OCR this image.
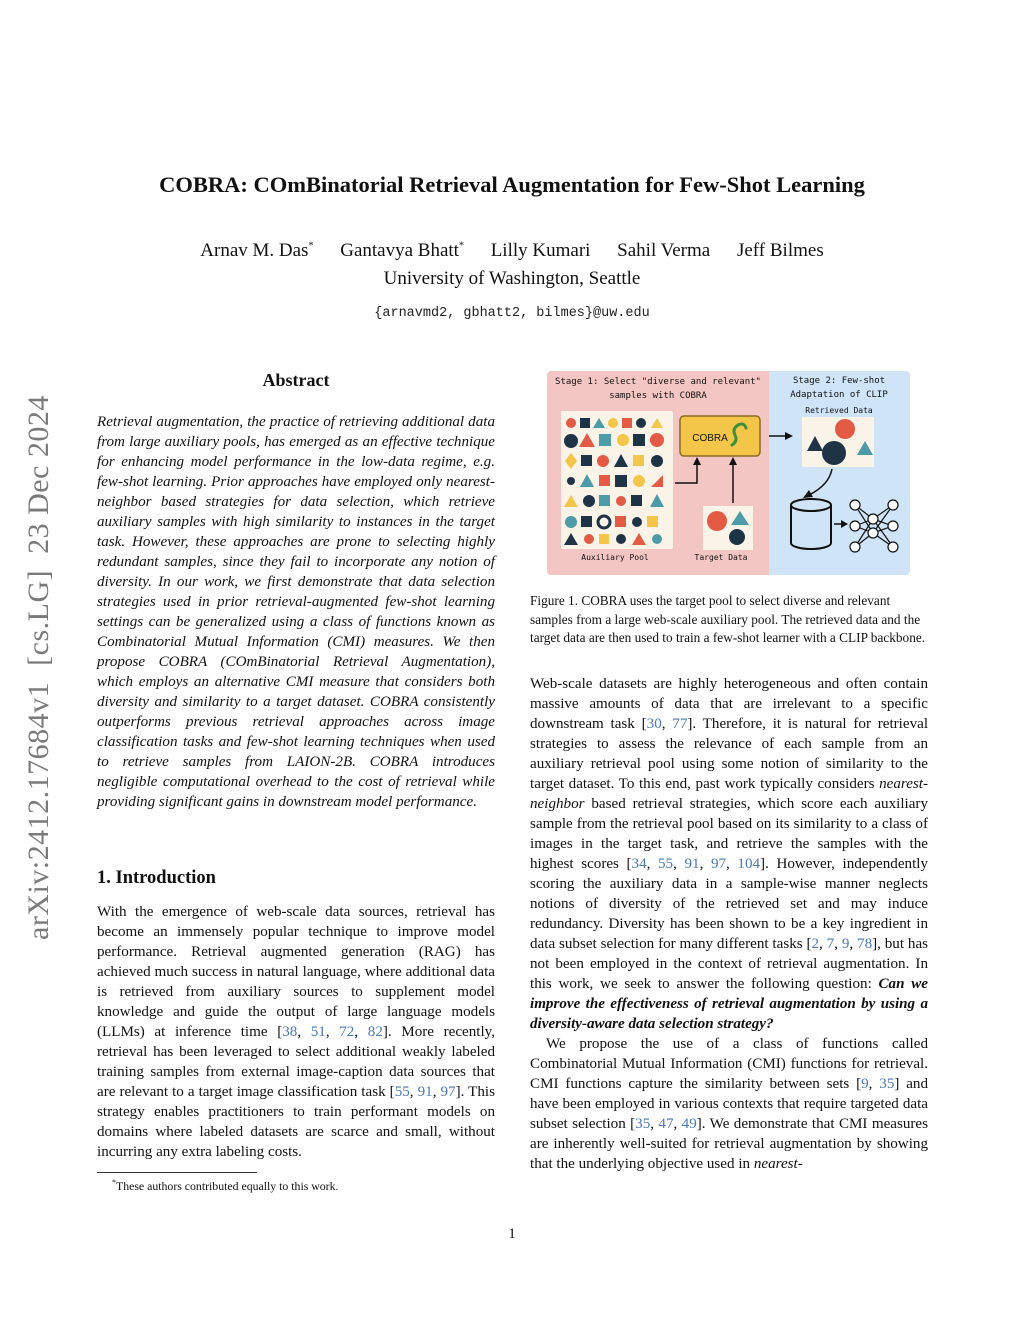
COBRA: COmBinatorial Retrieval Augmentation for Few-Shot Learning
Arnav M. Das* Gantavya Bhatt* Lilly Kumari Sahil Verma Jeff Bilmes
University of Washington, Seattle
{arnavmd2, gbhatt2, bilmes}@uw.edu
arXiv:2412.17684v1  [cs.LG]  23 Dec 2024
Abstract
Retrieval augmentation, the practice of retrieving additional data from large auxiliary pools, has emerged as an effective technique for enhancing model performance in the low-data regime, e.g. few-shot learning. Prior approaches have employed only nearest-neighbor based strategies for data selection, which retrieve auxiliary samples with high similarity to instances in the target task. However, these approaches are prone to selecting highly redundant samples, since they fail to incorporate any notion of diversity. In our work, we first demonstrate that data selection strategies used in prior retrieval-augmented few-shot learning settings can be generalized using a class of functions known as Combinatorial Mutual Information (CMI) measures. We then propose COBRA (COmBinatorial Retrieval Augmentation), which employs an alternative CMI measure that considers both diversity and similarity to a target dataset. COBRA consistently outperforms previous retrieval approaches across image classification tasks and few-shot learning techniques when used to retrieve samples from LAION-2B. COBRA introduces negligible computational overhead to the cost of retrieval while providing significant gains in downstream model performance.
1. Introduction

With the emergence of web-scale data sources, retrieval has become an immensely popular technique to improve model performance. Retrieval augmented generation (RAG) has achieved much success in natural language, where additional data is retrieved from auxiliary sources to supplement model knowledge and guide the output of large language models (LLMs) at inference time [38, 51, 72, 82]. More recently, retrieval has been leveraged to select additional weakly labeled training samples from external image-caption data sources that are relevant to a target image classification task [55, 91, 97]. This strategy enables practitioners to train performant models on domains where labeled datasets are scarce and small, without incurring any extra labeling costs.

*These authors contributed equally to this work.
Stage 1: Select "diverse and relevant"
samples with COBRA
Stage 2: Few-shot
Adaptation of CLIP
Retrieved Data
Auxiliary Pool
COBRA
Target Data
Figure 1. COBRA uses the target pool to select diverse and relevant samples from a large web-scale auxiliary pool. The retrieved data and the target data are then used to train a few-shot learner with a CLIP backbone.

Web-scale datasets are highly heterogeneous and often contain massive amounts of data that are irrelevant to a specific downstream task [30, 77]. Therefore, it is natural for retrieval strategies to assess the relevance of each sample from an auxiliary retrieval pool using some notion of similarity to the target dataset. To this end, past work typically considers nearest-neighbor based retrieval strategies, which score each auxiliary sample from the retrieval pool based on its similarity to a class of images in the target task, and retrieve the samples with the highest scores [34, 55, 91, 97, 104]. However, independently scoring the auxiliary data in a sample-wise manner neglects notions of diversity of the retrieved set and may induce redundancy. Diversity has been shown to be a key ingredient in data subset selection for many different tasks [2, 7, 9, 78], but has not been employed in the context of retrieval augmentation. In this work, we seek to answer the following question: Can we improve the effectiveness of retrieval augmentation by using a diversity-aware data selection strategy?

We propose the use of a class of functions called Combinatorial Mutual Information (CMI) functions for retrieval. CMI functions capture the similarity between sets [9, 35] and have been employed in various contexts that require targeted data subset selection [35, 47, 49]. We demonstrate that CMI measures are inherently well-suited for retrieval augmentation by showing that the underlying objective used in nearest-

1
